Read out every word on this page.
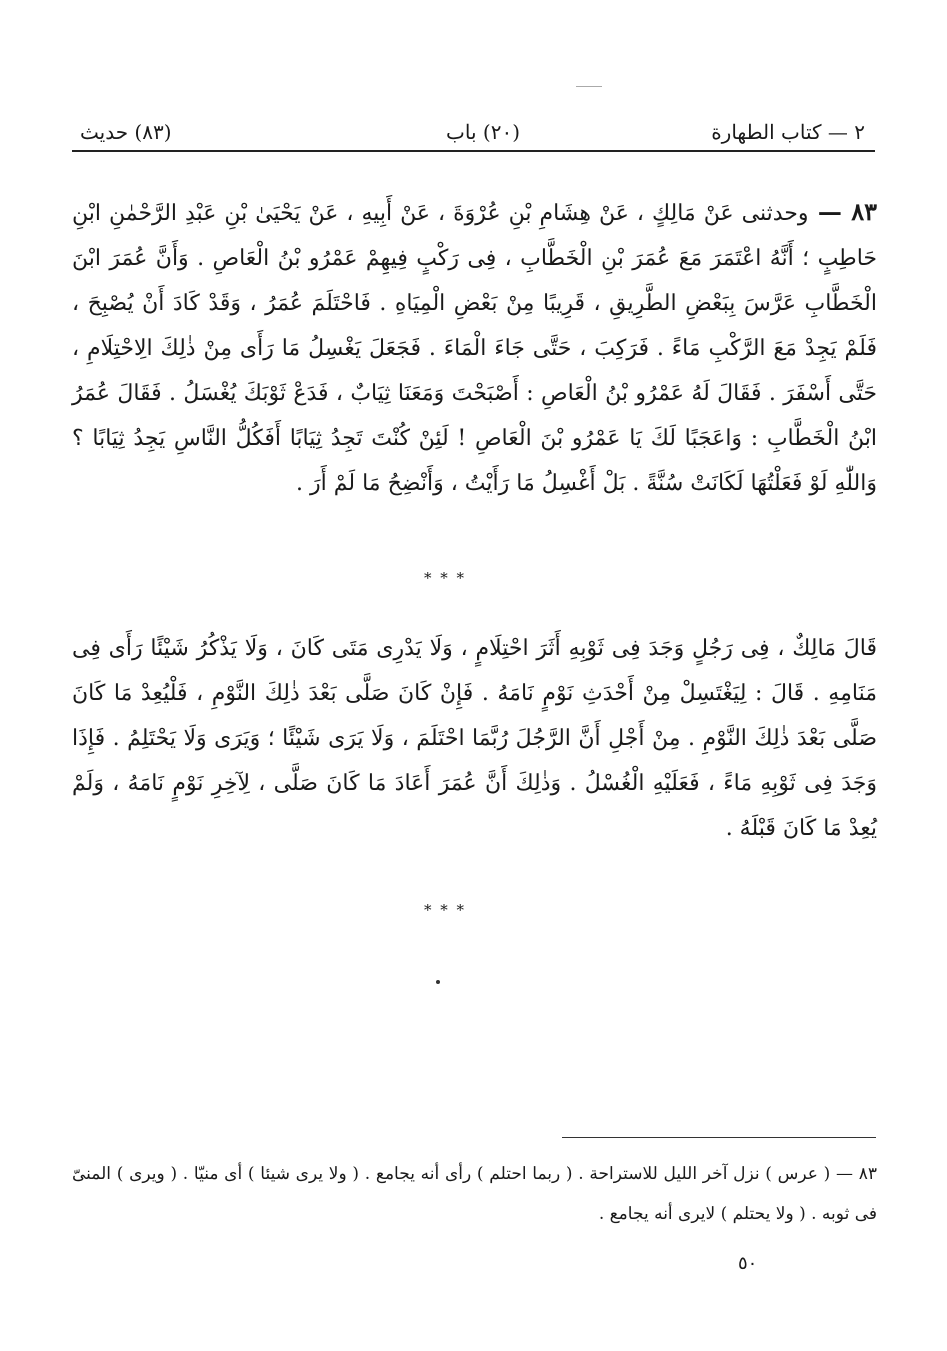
٢ — كتاب الطهارة
(٢٠) باب
(٨٣) حديث

٨٣ — وحدثنى عَنْ مَالِكٍ ، عَنْ هِشَامِ بْنِ عُرْوَةَ ، عَنْ أَبِيهِ ، عَنْ يَحْيَىٰ بْنِ عَبْدِ الرَّحْمٰنِ ابْنِ حَاطِبٍ ؛ أَنَّهُ اعْتَمَرَ مَعَ عُمَرَ بْنِ الْخَطَّابِ ، فِى رَكْبٍ فِيهِمْ عَمْرُو بْنُ الْعَاصِ . وَأَنَّ عُمَرَ ابْنَ الْخَطَّابِ عَرَّسَ بِبَعْضِ الطَّرِيقِ ، قَرِيبًا مِنْ بَعْضِ الْمِيَاهِ . فَاحْتَلَمَ عُمَرُ ، وَقَدْ كَادَ أَنْ يُصْبِحَ ، فَلَمْ يَجِدْ مَعَ الرَّكْبِ مَاءً . فَرَكِبَ ، حَتَّى جَاءَ الْمَاءَ . فَجَعَلَ يَغْسِلُ مَا رَأَى مِنْ ذٰلِكَ الِاحْتِلَامِ ، حَتَّى أَسْفَرَ . فَقَالَ لَهُ عَمْرُو بْنُ الْعَاصِ : أَصْبَحْتَ وَمَعَنَا ثِيَابٌ ، فَدَعْ ثَوْبَكَ يُغْسَلُ . فَقَالَ عُمَرُ ابْنُ الْخَطَّابِ : وَاعَجَبًا لَكَ يَا عَمْرُو بْنَ الْعَاصِ ! لَئِنْ كُنْتَ تَجِدُ ثِيَابًا أَفَكُلُّ النَّاسِ يَجِدُ ثِيَابًا ؟ وَاللّٰهِ لَوْ فَعَلْتُهَا لَكَانَتْ سُنَّةً . بَلْ أَغْسِلُ مَا رَأَيْتُ ، وَأَنْضِحُ مَا لَمْ أَرَ .

* * *

قَالَ مَالِكٌ ، فِى رَجُلٍ وَجَدَ فِى ثَوْبِهِ أَثَرَ احْتِلَامٍ ، وَلَا يَدْرِى مَتَى كَانَ ، وَلَا يَذْكُرُ شَيْئًا رَأَى فِى مَنَامِهِ . قَالَ : لِيَغْتَسِلْ مِنْ أَحْدَثِ نَوْمٍ نَامَهُ . فَإِنْ كَانَ صَلَّى بَعْدَ ذٰلِكَ النَّوْمِ ، فَلْيُعِدْ مَا كَانَ صَلَّى بَعْدَ ذٰلِكَ النَّوْمِ . مِنْ أَجْلِ أَنَّ الرَّجُلَ رُبَّمَا احْتَلَمَ ، وَلَا يَرَى شَيْئًا ؛ وَيَرَى وَلَا يَحْتَلِمُ . فَإِذَا وَجَدَ فِى ثَوْبِهِ مَاءً ، فَعَلَيْهِ الْغُسْلُ . وَذٰلِكَ أَنَّ عُمَرَ أَعَادَ مَا كَانَ صَلَّى ، لِآخِرِ نَوْمٍ نَامَهُ ، وَلَمْ يُعِدْ مَا كَانَ قَبْلَهُ .

* * *

٨٣ — ( عرس ) نزل آخر الليل للاستراحة . ( ربما احتلم ) رأى أنه يجامع . ( ولا يرى شيئا ) أى منيّا . ( ويرى ) المنىّ فى ثوبه . ( ولا يحتلم ) لايرى أنه يجامع .

٥٠
